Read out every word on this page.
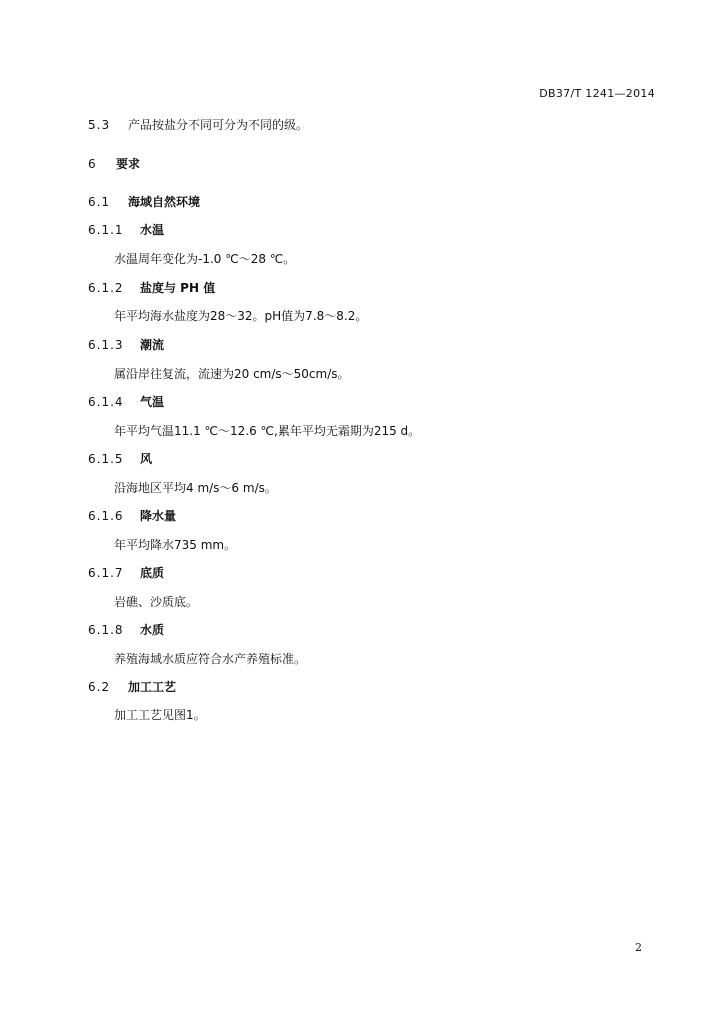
DB37/T 1241—2014
5.3 产品按盐分不同可分为不同的级。
6 要求
6.1 海域自然环境
6.1.1 水温
水温周年变化为-1.0 ℃～28 ℃。
6.1.2 盐度与 PH 值
年平均海水盐度为28～32。pH值为7.8～8.2。
6.1.3 潮流
属沿岸往复流，流速为20 cm/s～50cm/s。
6.1.4 气温
年平均气温11.1 ℃～12.6 ℃,累年平均无霜期为215 d。
6.1.5 风
沿海地区平均4 m/s～6 m/s。
6.1.6 降水量
年平均降水735 mm。
6.1.7 底质
岩礁、沙质底。
6.1.8 水质
养殖海域水质应符合水产养殖标准。
6.2 加工工艺
加工工艺见图1。
2
